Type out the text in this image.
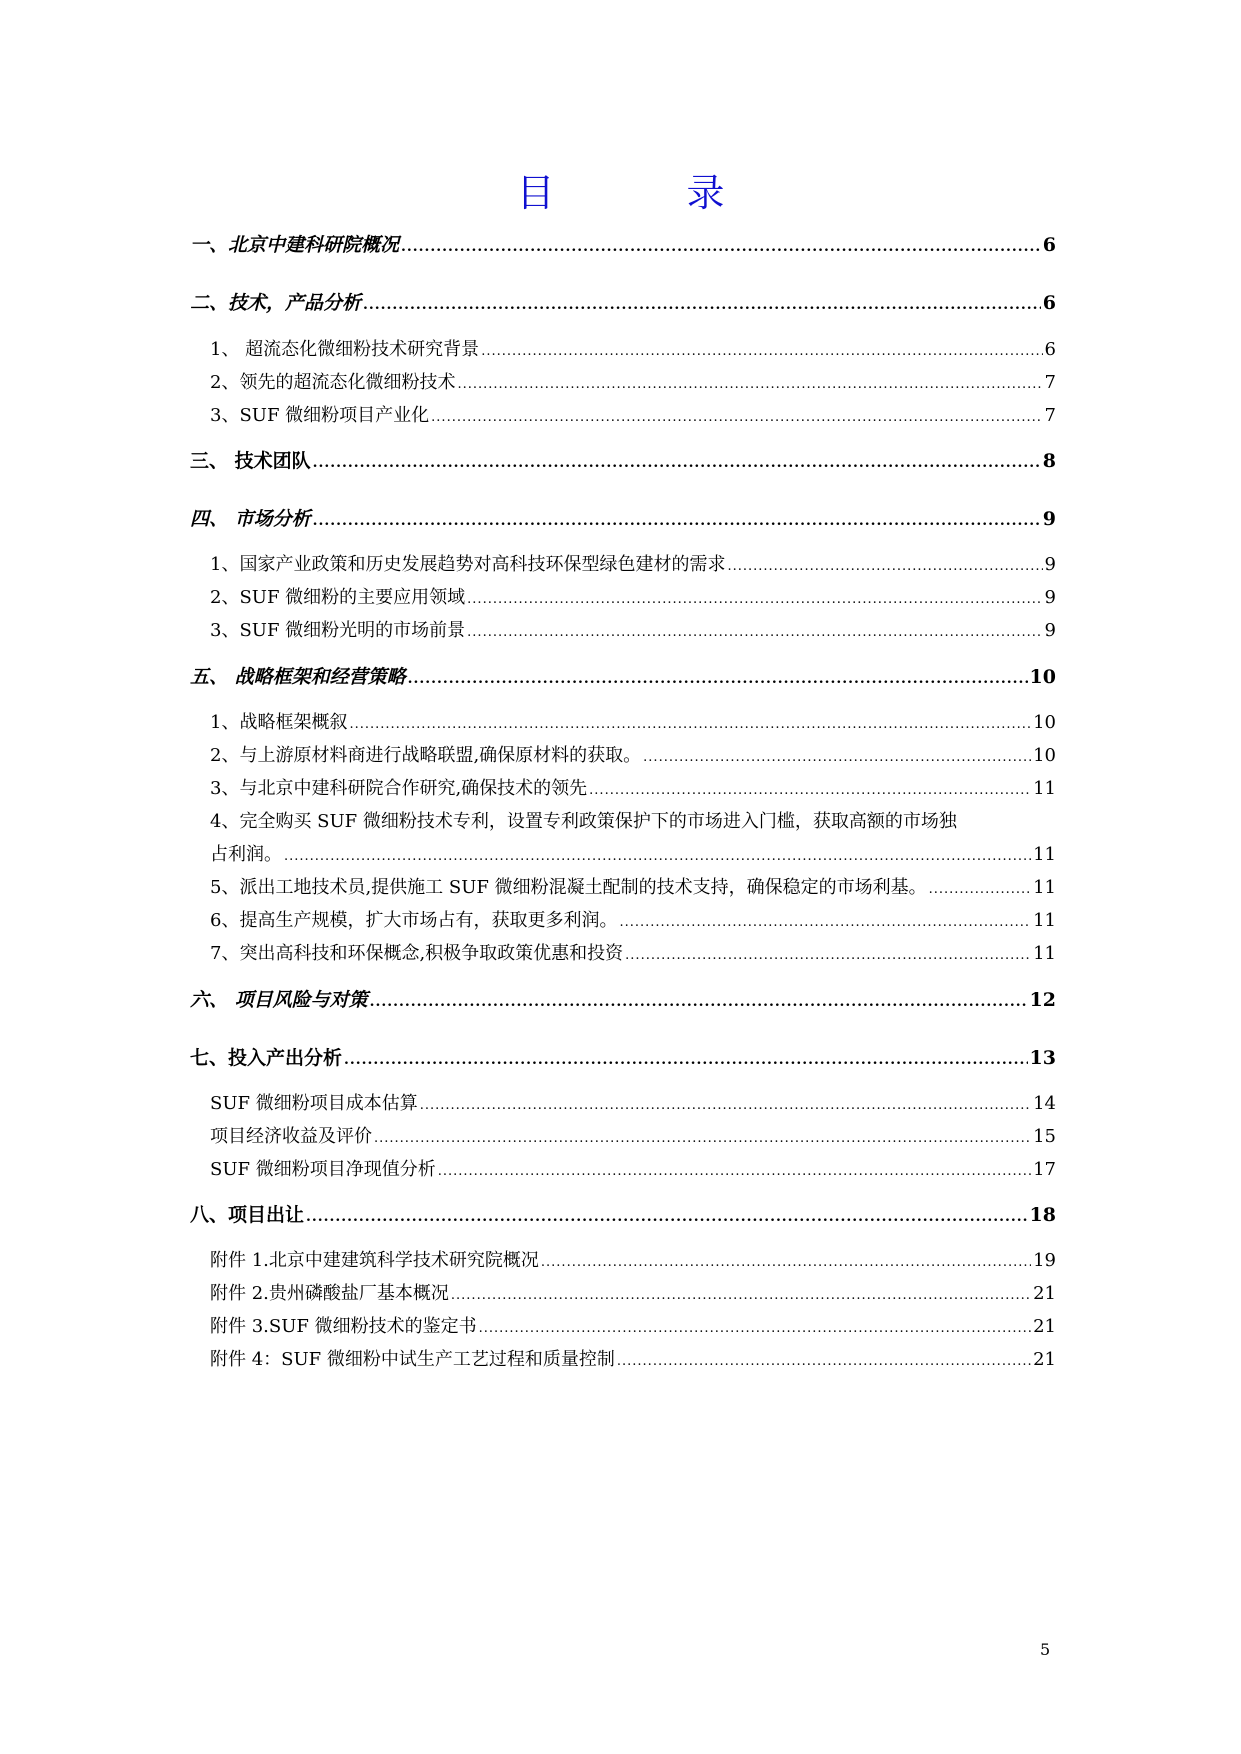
目 录
一、北京中建科研院概况 .....	6
二、技术，产品分析 .....	6
1、 超流态化微细粉技术研究背景 .....	6
2、领先的超流态化微细粉技术 .....	7
3、SUF 微细粉项目产业化 .....	7
三、 技术团队 .....	8
四、 市场分析 .....	9
1、国家产业政策和历史发展趋势对高科技环保型绿色建材的需求 .....	9
2、SUF 微细粉的主要应用领域 .....	9
3、SUF 微细粉光明的市场前景 .....	9
五、 战略框架和经营策略 .....	10
1、战略框架概叙 .....	10
2、与上游原材料商进行战略联盟,确保原材料的获取。 .....	10
3、与北京中建科研院合作研究,确保技术的领先 .....	11
4、完全购买 SUF 微细粉技术专利，设置专利政策保护下的市场进入门槛，获取高额的市场独
占利润。 .....	11
5、派出工地技术员,提供施工 SUF 微细粉混凝土配制的技术支持，确保稳定的市场利基。 .....	11
6、提高生产规模，扩大市场占有，获取更多利润。 .....	11
7、突出高科技和环保概念,积极争取政策优惠和投资 .....	11
六、 项目风险与对策 .....	12
七、投入产出分析 .....	13
SUF 微细粉项目成本估算 .....	14
项目经济收益及评价 .....	15
SUF 微细粉项目净现值分析 .....	17
八、项目出让 .....	18
附件 1.北京中建建筑科学技术研究院概况 .....	19
附件 2.贵州磷酸盐厂基本概况 .....	21
附件 3.SUF 微细粉技术的鉴定书 .....	21
附件 4：SUF 微细粉中试生产工艺过程和质量控制 .....	21
5
